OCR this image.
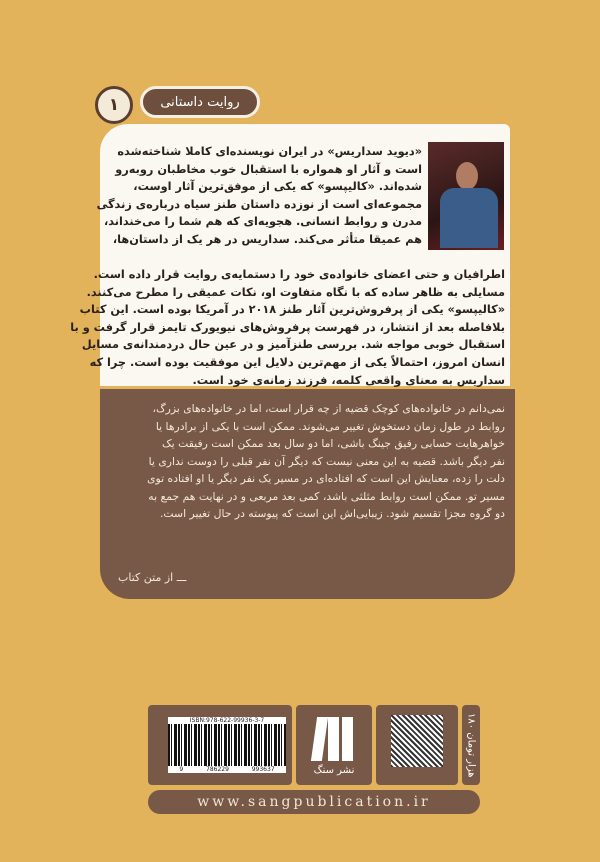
۱	روایت داستانی
«دیوید سداریس» در ایران نویسنده‌ای کاملا شناخته‌شده
است و آثار او همواره با استقبال خوب مخاطبان روبه‌رو
شده‌اند. «کالیپسو» که یکی از موفق‌ترین آثار اوست،
مجموعه‌ای است از نوزده داستان طنز سیاه درباره‌ی زندگی
مدرن و روابط انسانی. هجویه‌ای که هم شما را می‌خنداند،
هم عمیقا متأثر می‌کند. سداریس در هر یک از داستان‌ها،
اطرافیان و حتی اعضای خانواده‌ی خود را دستمایه‌ی روایت قرار داده است.
مسایلی به ظاهر ساده که با نگاه متفاوت او، نکات عمیقی را مطرح می‌کنند.
«کالیپسو» یکی از پرفروش‌ترین آثار طنز ۲۰۱۸ در آمریکا بوده است. این کتاب
بلافاصله بعد از انتشار، در فهرست پرفروش‌های نیویورک تایمز قرار گرفت و با
استقبال خوبی مواجه شد. بررسی طنزآمیز و در عین حال دردمندانه‌ی مسایل
انسان امروز، احتمالاً یکی از مهم‌ترین دلایل این موفقیت بوده است. چرا که
سداریس به معنای واقعی کلمه، فرزند زمانه‌ی خود است.
نمی‌دانم در خانواده‌های کوچک قضیه از چه قرار است، اما در خانواده‌های بزرگ،
روابط در طول زمان دستخوش تغییر می‌شوند. ممکن است با یکی از برادرها یا
خواهرهایت حسابی رفیق جینگ باشی، اما دو سال بعد ممکن است رفیقت یک
نفر دیگر باشد. قضیه به این معنی نیست که دیگر آن نفر قبلی را دوست نداری یا
دلت را زده، معنایش این است که افتاده‌ای در مسیر یک نفر دیگر یا او افتاده توی
مسیر تو. ممکن است روابط مثلثی باشد، کمی بعد مربعی و در نهایت هم جمع به
دو گروه مجزا تقسیم شود. زیبایی‌اش این است که پیوسته در حال تغییر است.
ـــ از متن کتاب
ISBN:978-622-99936-3-7
9	786229	993637	نشر سنگ
۱۸۰ هزار تومان
www.sangpublication.ir
